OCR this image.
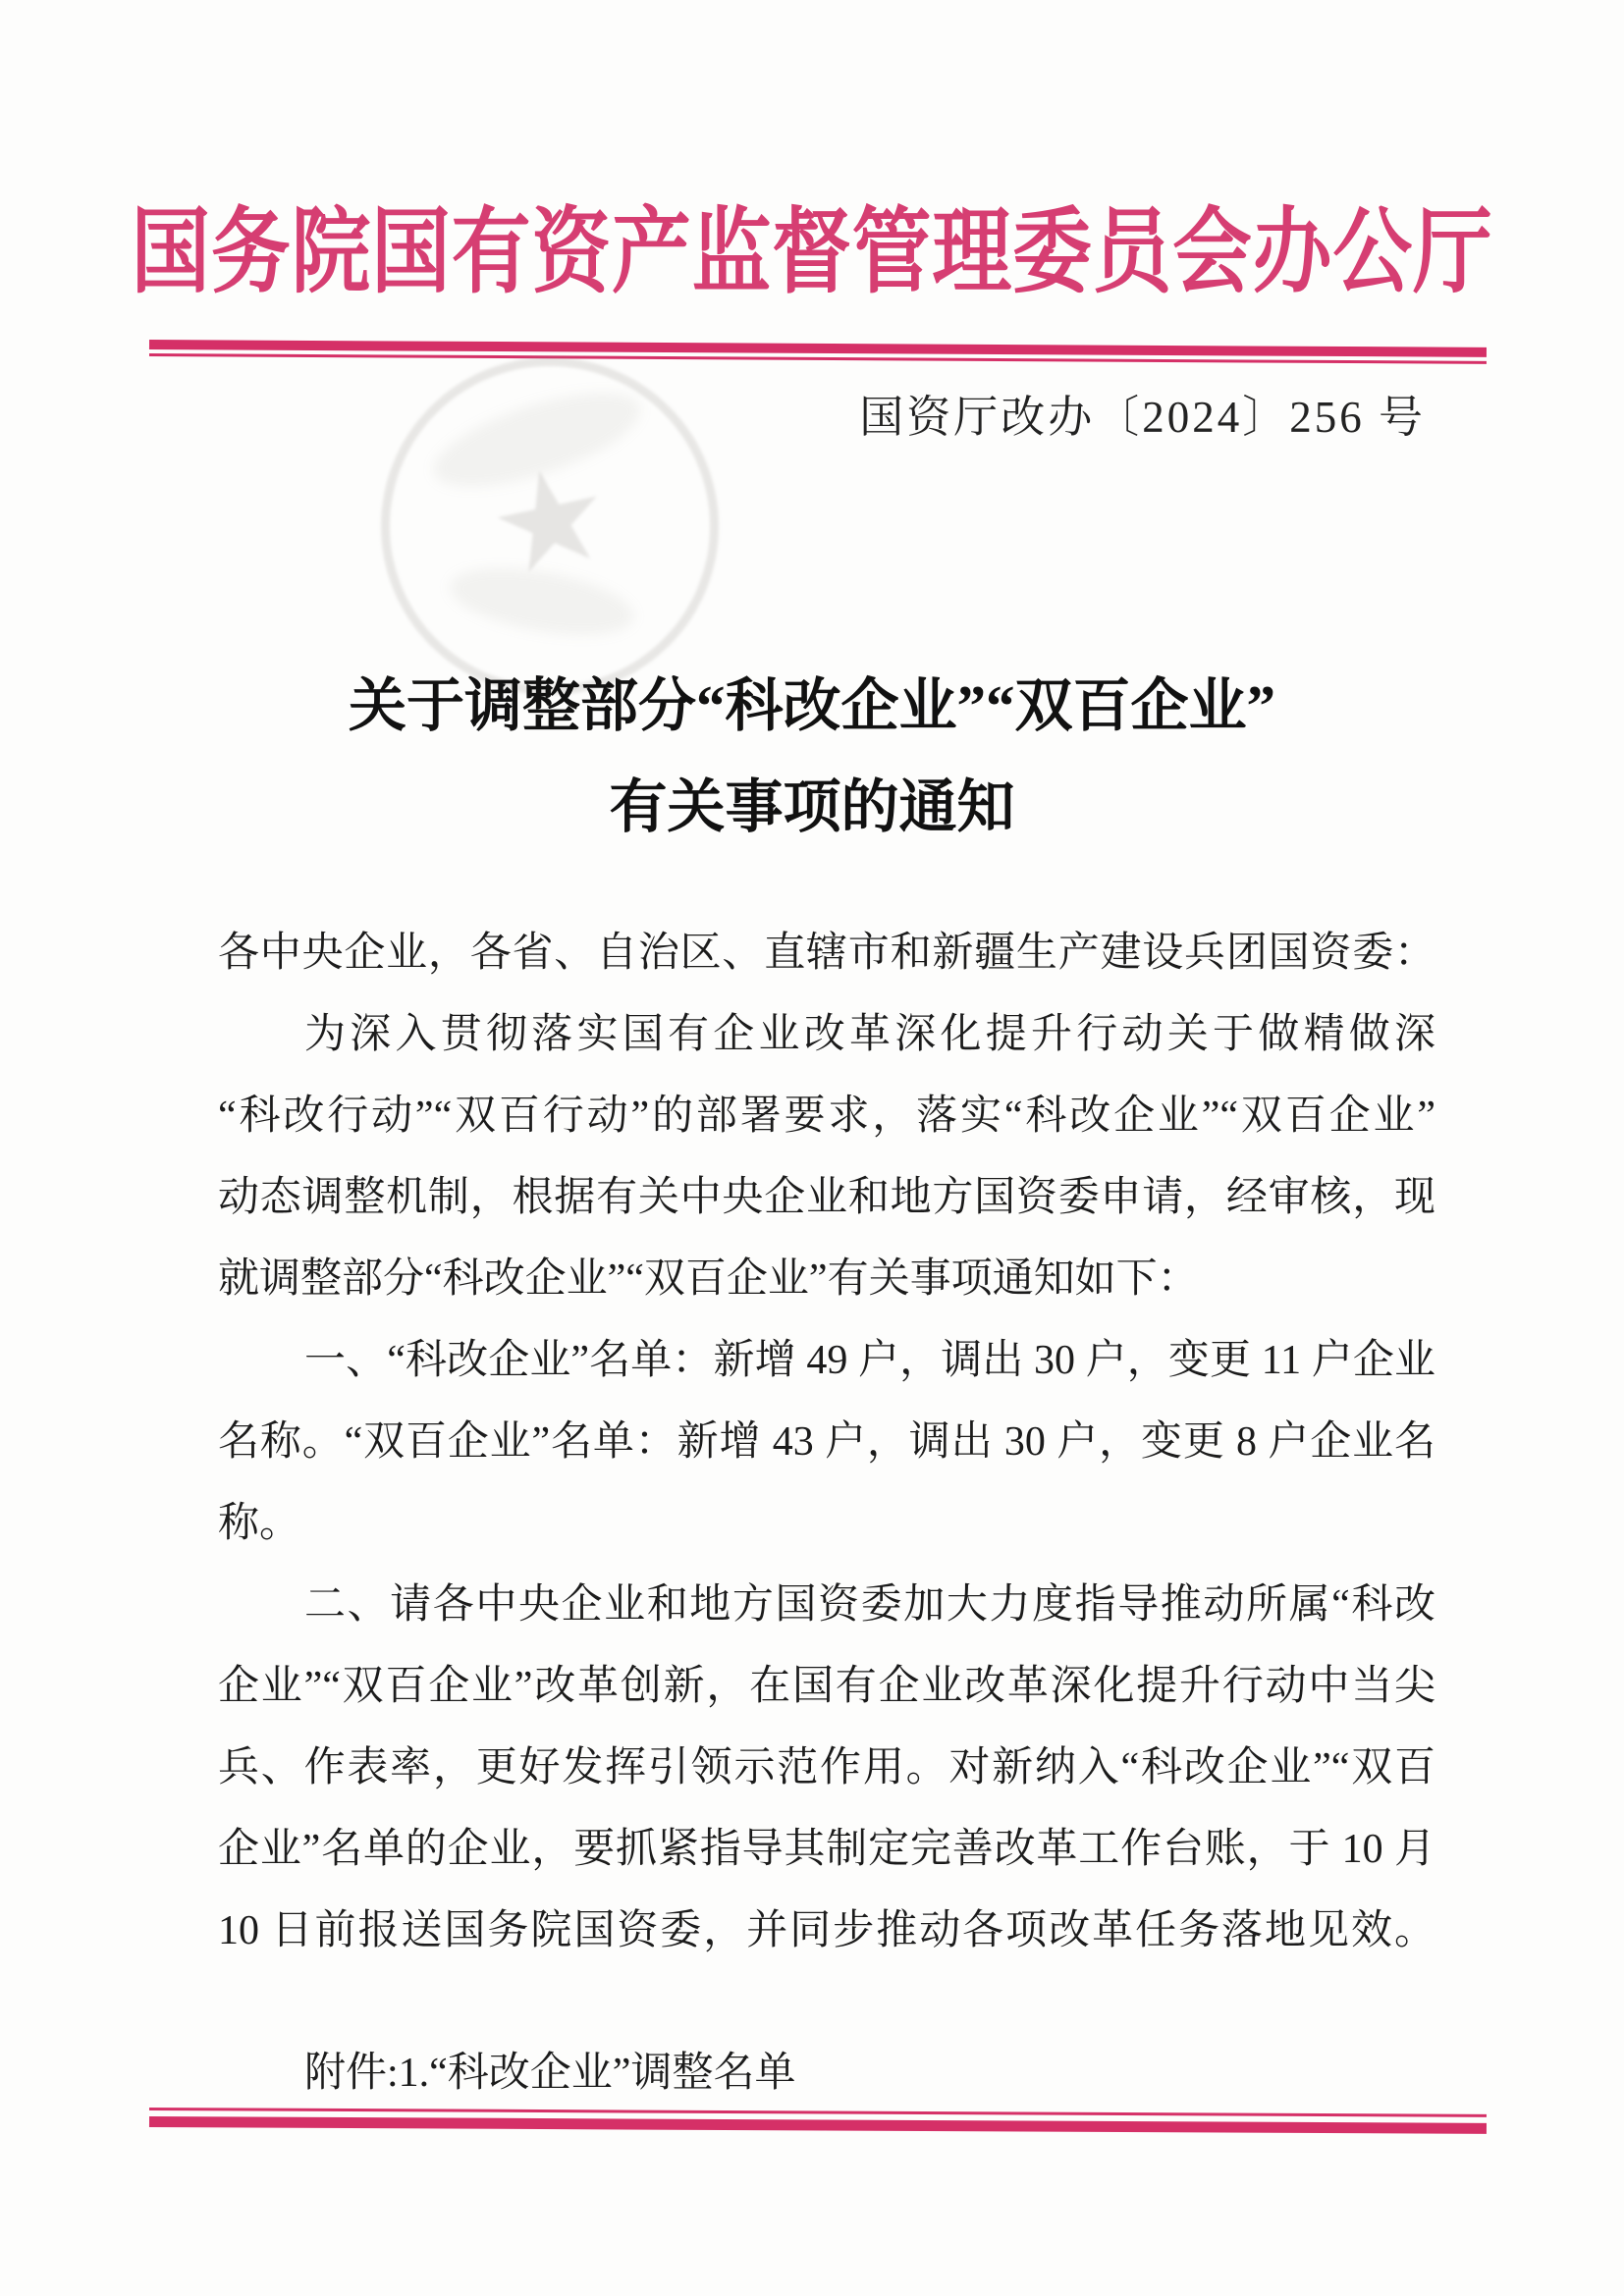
国务院国有资产监督管理委员会办公厅
国资厅改办〔2024〕256 号
★
关于调整部分“科改企业”“双百企业”
有关事项的通知
各中央企业，各省、自治区、直辖市和新疆生产建设兵团国资委：
为深入贯彻落实国有企业改革深化提升行动关于做精做深
“科改行动”“双百行动”的部署要求，落实“科改企业”“双百企业”
动态调整机制，根据有关中央企业和地方国资委申请，经审核，现
就调整部分“科改企业”“双百企业”有关事项通知如下：
一、“科改企业”名单：新增 49 户，调出 30 户，变更 11 户企业
名称。“双百企业”名单：新增 43 户，调出 30 户，变更 8 户企业名
称。
二、请各中央企业和地方国资委加大力度指导推动所属“科改
企业”“双百企业”改革创新，在国有企业改革深化提升行动中当尖
兵、作表率，更好发挥引领示范作用。对新纳入“科改企业”“双百
企业”名单的企业，要抓紧指导其制定完善改革工作台账，于 10 月
10 日前报送国务院国资委，并同步推动各项改革任务落地见效。
附件:1.“科改企业”调整名单
